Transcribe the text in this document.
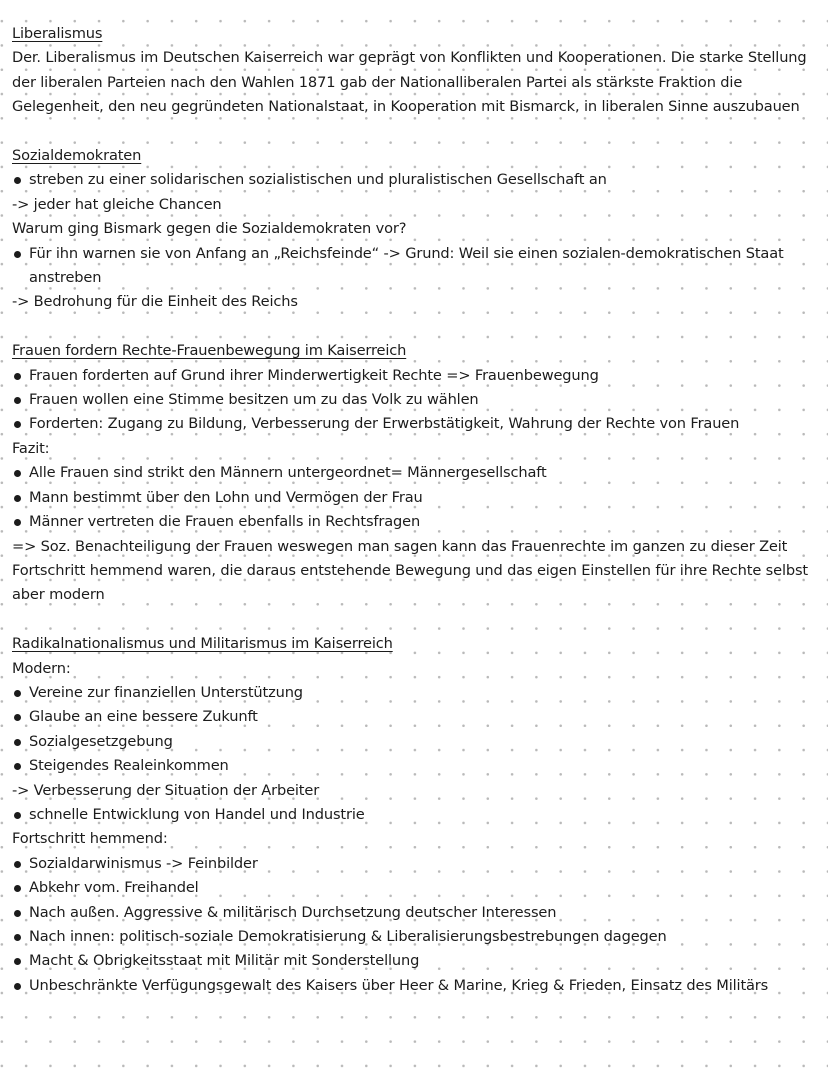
Liberalismus
Der. Liberalismus im Deutschen Kaiserreich war geprägt von Konflikten und Kooperationen. Die starke Stellung der liberalen Parteien nach den Wahlen 1871 gab der Nationalliberalen Partei als stärkste Fraktion die Gelegenheit, den neu gegründeten Nationalstaat, in Kooperation mit Bismarck, in liberalen Sinne auszubauen
Sozialdemokraten
streben zu einer solidarischen sozialistischen und pluralistischen Gesellschaft an
-> jeder hat gleiche Chancen
Warum ging Bismark gegen die Sozialdemokraten vor?
Für ihn warnen sie von Anfang an „Reichsfeinde“ -> Grund: Weil sie einen sozialen-demokratischen Staat anstreben
-> Bedrohung für die Einheit des Reichs
Frauen fordern Rechte-Frauenbewegung im Kaiserreich
Frauen forderten auf Grund ihrer Minderwertigkeit Rechte => Frauenbewegung
Frauen wollen eine Stimme besitzen um zu das Volk zu wählen
Forderten: Zugang zu Bildung, Verbesserung der Erwerbstätigkeit, Wahrung der Rechte von Frauen
Fazit:
Alle Frauen sind strikt den Männern untergeordnet= Männergesellschaft
Mann bestimmt über den Lohn und Vermögen der Frau
Männer vertreten die Frauen ebenfalls in Rechtsfragen
=> Soz. Benachteiligung der Frauen weswegen man sagen kann das Frauenrechte im ganzen zu dieser Zeit Fortschritt hemmend waren, die daraus entstehende Bewegung und das eigen Einstellen für ihre Rechte selbst aber modern
Radikalnationalismus und Militarismus im Kaiserreich
Modern:
Vereine zur finanziellen Unterstützung
Glaube an eine bessere Zukunft
Sozialgesetzgebung
Steigendes Realeinkommen
-> Verbesserung der Situation der Arbeiter
schnelle Entwicklung von Handel und Industrie
Fortschritt hemmend:
Sozialdarwinismus -> Feinbilder
Abkehr vom. Freihandel
Nach außen. Aggressive & militärisch Durchsetzung deutscher Interessen
Nach innen: politisch-soziale Demokratisierung & Liberalisierungsbestrebungen dagegen
Macht & Obrigkeitsstaat mit Militär mit Sonderstellung
Unbeschränkte Verfügungsgewalt des Kaisers über Heer & Marine, Krieg & Frieden, Einsatz des Militärs
